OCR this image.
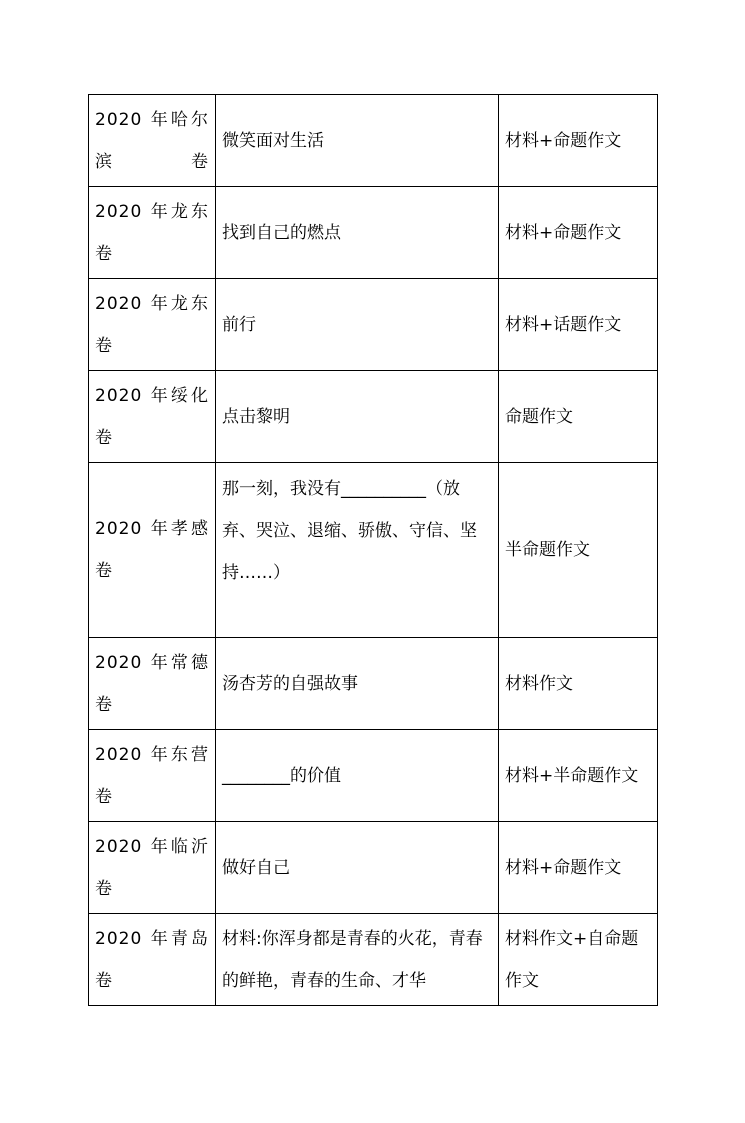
2020 年哈尔滨卷	微笑面对生活	材料+命题作文
2020 年龙东卷	找到自己的燃点	材料+命题作文
2020 年龙东卷	前行	材料+话题作文
2020 年绥化卷	点击黎明	命题作文
2020 年孝感卷	那一刻，我没有__________（放弃、哭泣、退缩、骄傲、守信、坚持……）	半命题作文
2020 年常德卷	汤杏芳的自强故事	材料作文
2020 年东营卷	________的价值	材料+半命题作文
2020 年临沂卷	做好自己	材料+命题作文
2020 年青岛卷	材料:你浑身都是青春的火花，青春的鲜艳，青春的生命、才华	材料作文+自命题作文
